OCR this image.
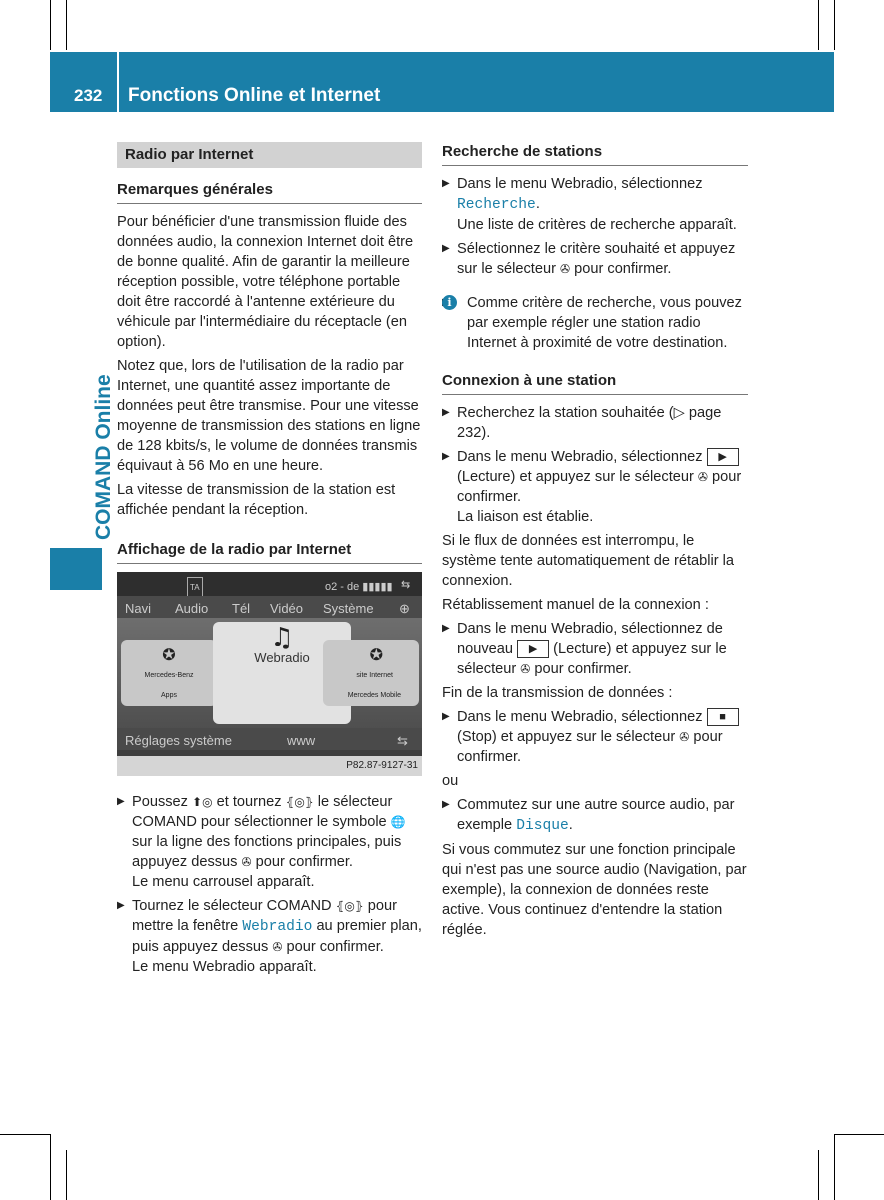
232 Fonctions Online et Internet
COMAND Online
Radio par Internet
Remarques générales

Pour bénéficier d'une transmission fluide des données audio, la connexion Internet doit être de bonne qualité. Afin de garantir la meilleure réception possible, votre téléphone portable doit être raccordé à l'antenne extérieure du véhicule par l'intermédiaire du réceptacle (en option).

Notez que, lors de l'utilisation de la radio par Internet, une quantité assez importante de données peut être transmise. Pour une vitesse moyenne de transmission des stations en ligne de 128 kbits/s, le volume de données transmis équivaut à 56 Mo en une heure.

La vitesse de transmission de la station est affichée pendant la réception.

Affichage de la radio par Internet
TA	o2 - de ▮▮▮▮▮ ⇆
Navi Audio Tél Vidéo Système ⊕
✪
Mercedes-Benz
Apps
♫
Webradio	✪
site Internet
Mercedes Mobile
Réglages système	www	⇆
P82.87-9127-31
▶ Poussez ⬆◎ et tournez ⦃◎⦄ le sélecteur COMAND pour sélectionner le symbole 🌐 sur la ligne des fonctions principales, puis appuyez dessus ✇ pour confirmer.
Le menu carrousel apparaît.
▶ Tournez le sélecteur COMAND ⦃◎⦄ pour mettre la fenêtre Webradio au premier plan, puis appuyez dessus ✇ pour confirmer.
Le menu Webradio apparaît.
Recherche de stations
▶ Dans le menu Webradio, sélectionnez Recherche.
Une liste de critères de recherche apparaît.
▶ Sélectionnez le critère souhaité et appuyez sur le sélecteur ✇ pour confirmer.
▶ i	Comme critère de recherche, vous pouvez par exemple régler une station radio Internet à proximité de votre destination.
Connexion à une station
▶ Recherchez la station souhaitée (▷ page 232).
▶ Dans le menu Webradio, sélectionnez ▶ (Lecture) et appuyez sur le sélecteur ✇ pour confirmer.
La liaison est établie.

Si le flux de données est interrompu, le système tente automatiquement de rétablir la connexion.

Rétablissement manuel de la connexion :

▶ Dans le menu Webradio, sélectionnez de nouveau ▶ (Lecture) et appuyez sur le sélecteur ✇ pour confirmer.

Fin de la transmission de données :

▶ Dans le menu Webradio, sélectionnez ■ (Stop) et appuyez sur le sélecteur ✇ pour confirmer.

ou

▶ Commutez sur une autre source audio, par exemple Disque.

Si vous commutez sur une fonction principale qui n'est pas une source audio (Navigation, par exemple), la connexion de données reste active. Vous continuez d'entendre la station réglée.
